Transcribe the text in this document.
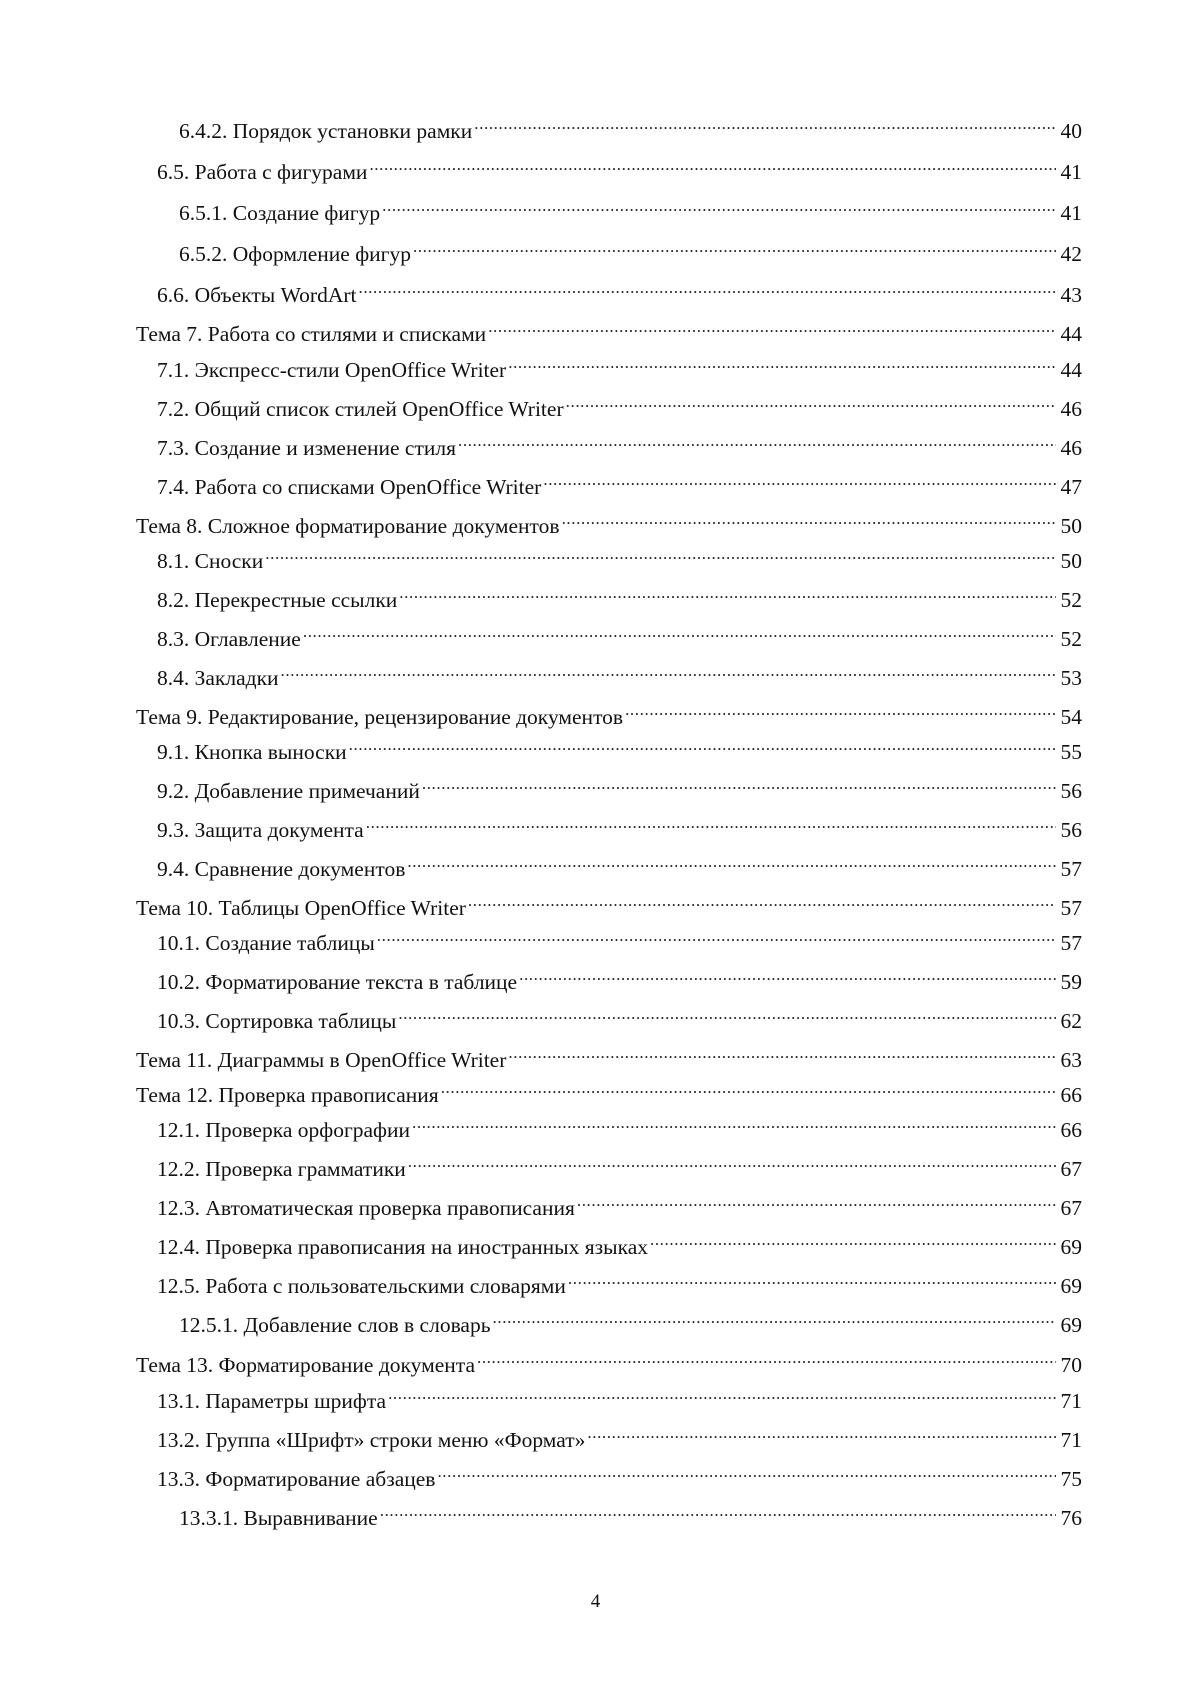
6.4.2. Порядок установки рамки .....	40
6.5. Работа с фигурами .....	41
6.5.1. Создание фигур .....	41
6.5.2. Оформление фигур .....	42
6.6. Объекты WordArt .....	43
Тема 7. Работа со стилями и списками .....	44
7.1. Экспресс-стили OpenOffice Writer .....	44
7.2. Общий список стилей OpenOffice Writer .....	46
7.3. Создание и изменение стиля .....	46
7.4. Работа со списками OpenOffice Writer .....	47
Тема 8. Сложное форматирование документов .....	50
8.1. Сноски .....	50
8.2. Перекрестные ссылки .....	52
8.3. Оглавление .....	52
8.4. Закладки .....	53
Тема 9. Редактирование, рецензирование документов .....	54
9.1. Кнопка выноски .....	55
9.2. Добавление примечаний .....	56
9.3. Защита документа .....	56
9.4. Сравнение документов .....	57
Тема 10. Таблицы OpenOffice Writer .....	57
10.1. Создание таблицы .....	57
10.2. Форматирование текста в таблице .....	59
10.3. Сортировка таблицы .....	62
Тема 11. Диаграммы в OpenOffice Writer .....	63
Тема 12. Проверка правописания .....	66
12.1. Проверка орфографии .....	66
12.2. Проверка грамматики .....	67
12.3. Автоматическая проверка правописания .....	67
12.4. Проверка правописания на иностранных языках .....	69
12.5. Работа с пользовательскими словарями .....	69
12.5.1. Добавление слов в словарь .....	69
Тема 13. Форматирование документа .....	70
13.1. Параметры шрифта .....	71
13.2. Группа «Шрифт» строки меню «Формат» .....	71
13.3. Форматирование абзацев .....	75
13.3.1. Выравнивание .....	76
4
